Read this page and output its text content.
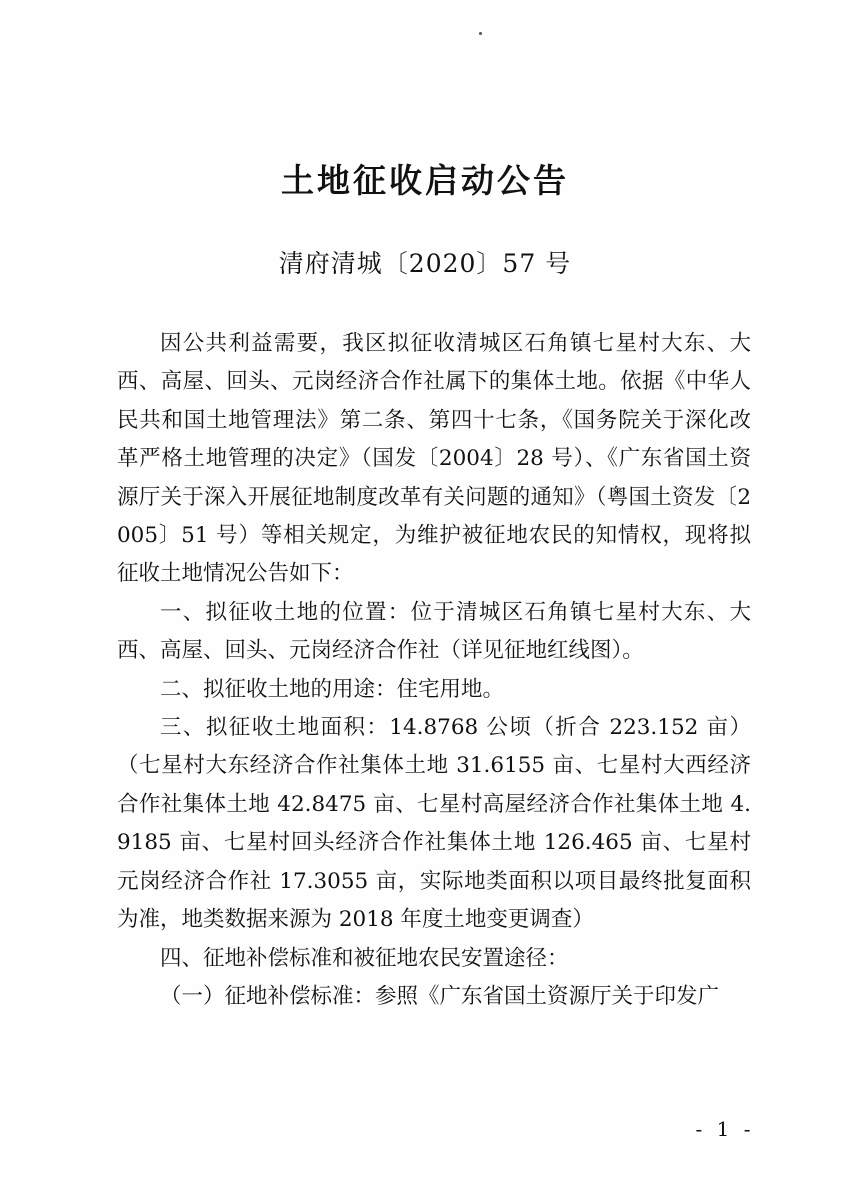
土地征收启动公告
清府清城〔2020〕57 号

因公共利益需要，我区拟征收清城区石角镇七星村大东、大西、高屋、回头、元岗经济合作社属下的集体土地。依据《中华人民共和国土地管理法》第二条、第四十七条，《国务院关于深化改革严格土地管理的决定》（国发〔2004〕28 号）、《广东省国土资源厅关于深入开展征地制度改革有关问题的通知》（粤国土资发〔2005〕51 号）等相关规定，为维护被征地农民的知情权，现将拟征收土地情况公告如下：

一、拟征收土地的位置：位于清城区石角镇七星村大东、大西、高屋、回头、元岗经济合作社（详见征地红线图）。

二、拟征收土地的用途：住宅用地。

三、拟征收土地面积：14.8768 公顷（折合 223.152 亩）（七星村大东经济合作社集体土地 31.6155 亩、七星村大西经济合作社集体土地 42.8475 亩、七星村高屋经济合作社集体土地 4.9185 亩、七星村回头经济合作社集体土地 126.465 亩、七星村元岗经济合作社 17.3055 亩，实际地类面积以项目最终批复面积为准，地类数据来源为 2018 年度土地变更调查）

四、征地补偿标准和被征地农民安置途径：

（一）征地补偿标准：参照《广东省国土资源厅关于印发广

- 1 -
